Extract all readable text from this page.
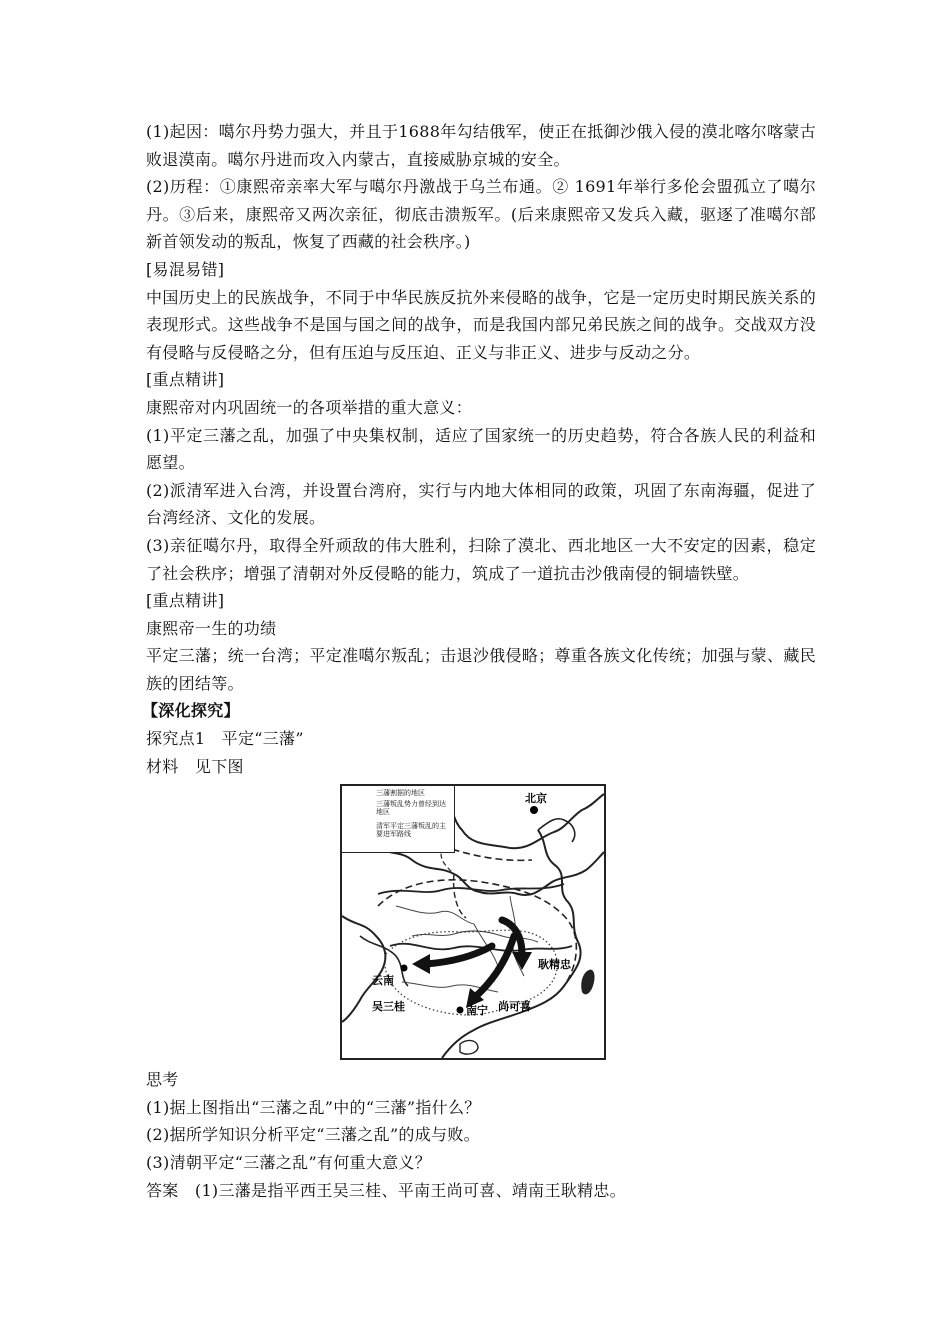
(1)起因：噶尔丹势力强大，并且于1688年勾结俄军，使正在抵御沙俄入侵的漠北喀尔喀蒙古败退漠南。噶尔丹进而攻入内蒙古，直接威胁京城的安全。

(2)历程：①康熙帝亲率大军与噶尔丹激战于乌兰布通。② 1691年举行多伦会盟孤立了噶尔丹。③后来，康熙帝又两次亲征，彻底击溃叛军。(后来康熙帝又发兵入藏，驱逐了准噶尔部新首领发动的叛乱，恢复了西藏的社会秩序。)

[易混易错]

中国历史上的民族战争，不同于中华民族反抗外来侵略的战争，它是一定历史时期民族关系的表现形式。这些战争不是国与国之间的战争，而是我国内部兄弟民族之间的战争。交战双方没有侵略与反侵略之分，但有压迫与反压迫、正义与非正义、进步与反动之分。

[重点精讲]

康熙帝对内巩固统一的各项举措的重大意义：

(1)平定三藩之乱，加强了中央集权制，适应了国家统一的历史趋势，符合各族人民的利益和愿望。

(2)派清军进入台湾，并设置台湾府，实行与内地大体相同的政策，巩固了东南海疆，促进了台湾经济、文化的发展。

(3)亲征噶尔丹，取得全歼顽敌的伟大胜利，扫除了漠北、西北地区一大不安定的因素，稳定了社会秩序；增强了清朝对外反侵略的能力，筑成了一道抗击沙俄南侵的铜墙铁壁。

[重点精讲]

康熙帝一生的功绩

平定三藩；统一台湾；平定准噶尔叛乱；击退沙俄侵略；尊重各族文化传统；加强与蒙、藏民族的团结等。

【深化探究】

探究点1　平定“三藩”

材料　见下图

三藩割据的地区
三藩叛乱势力曾经到达地区
清军平定三藩叛乱的主要进军路线
北京
云南
吴三桂	南宁 尚可喜
耿精忠

思考

(1)据上图指出“三藩之乱”中的“三藩”指什么？

(2)据所学知识分析平定“三藩之乱”的成与败。

(3)清朝平定“三藩之乱”有何重大意义？

答案　(1)三藩是指平西王吴三桂、平南王尚可喜、靖南王耿精忠。
